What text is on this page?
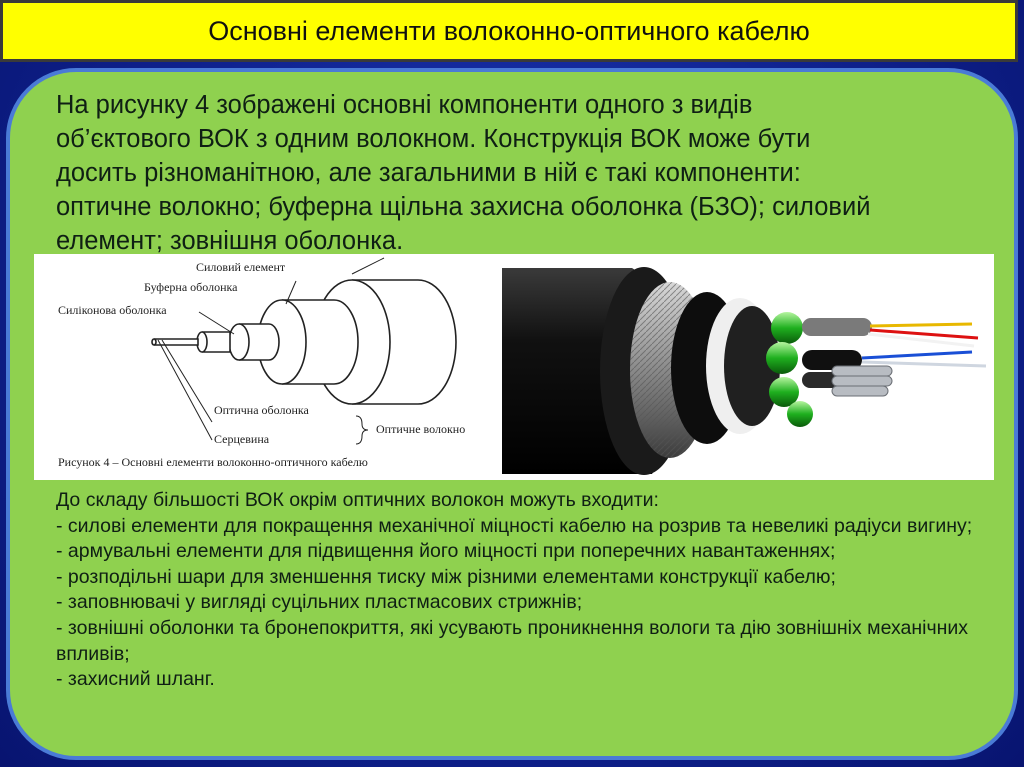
Основні елементи волоконно-оптичного кабелю

На рисунку 4 зображені основні компоненти одного з видів
об’єктового ВОК з одним волокном. Конструкція ВОК може бути
досить різноманітною, але загальними в ній є такі компоненти:
оптичне волокно; буферна щільна захисна оболонка (БЗО); силовий
елемент; зовнішня оболонка.

Силовий елемент
Буферна оболонка
Силіконова оболонка
Оптична оболонка
Серцевина
Оптичне волокно
Рисунок 4 – Основні елементи волоконно-оптичного кабелю
До складу більшості ВОК окрім оптичних волокон можуть входити:
- силові елементи для покращення механічної міцності кабелю на розрив та невеликі радіуси вигину;
- армувальні елементи для підвищення його міцності при поперечних навантаженнях;
- розподільні шари для зменшення тиску між різними елементами конструкції кабелю;
- заповнювачі у вигляді суцільних пластмасових стрижнів;
- зовнішні оболонки та бронепокриття, які усувають проникнення вологи та дію зовнішніх механічних впливів;
- захисний шланг.
